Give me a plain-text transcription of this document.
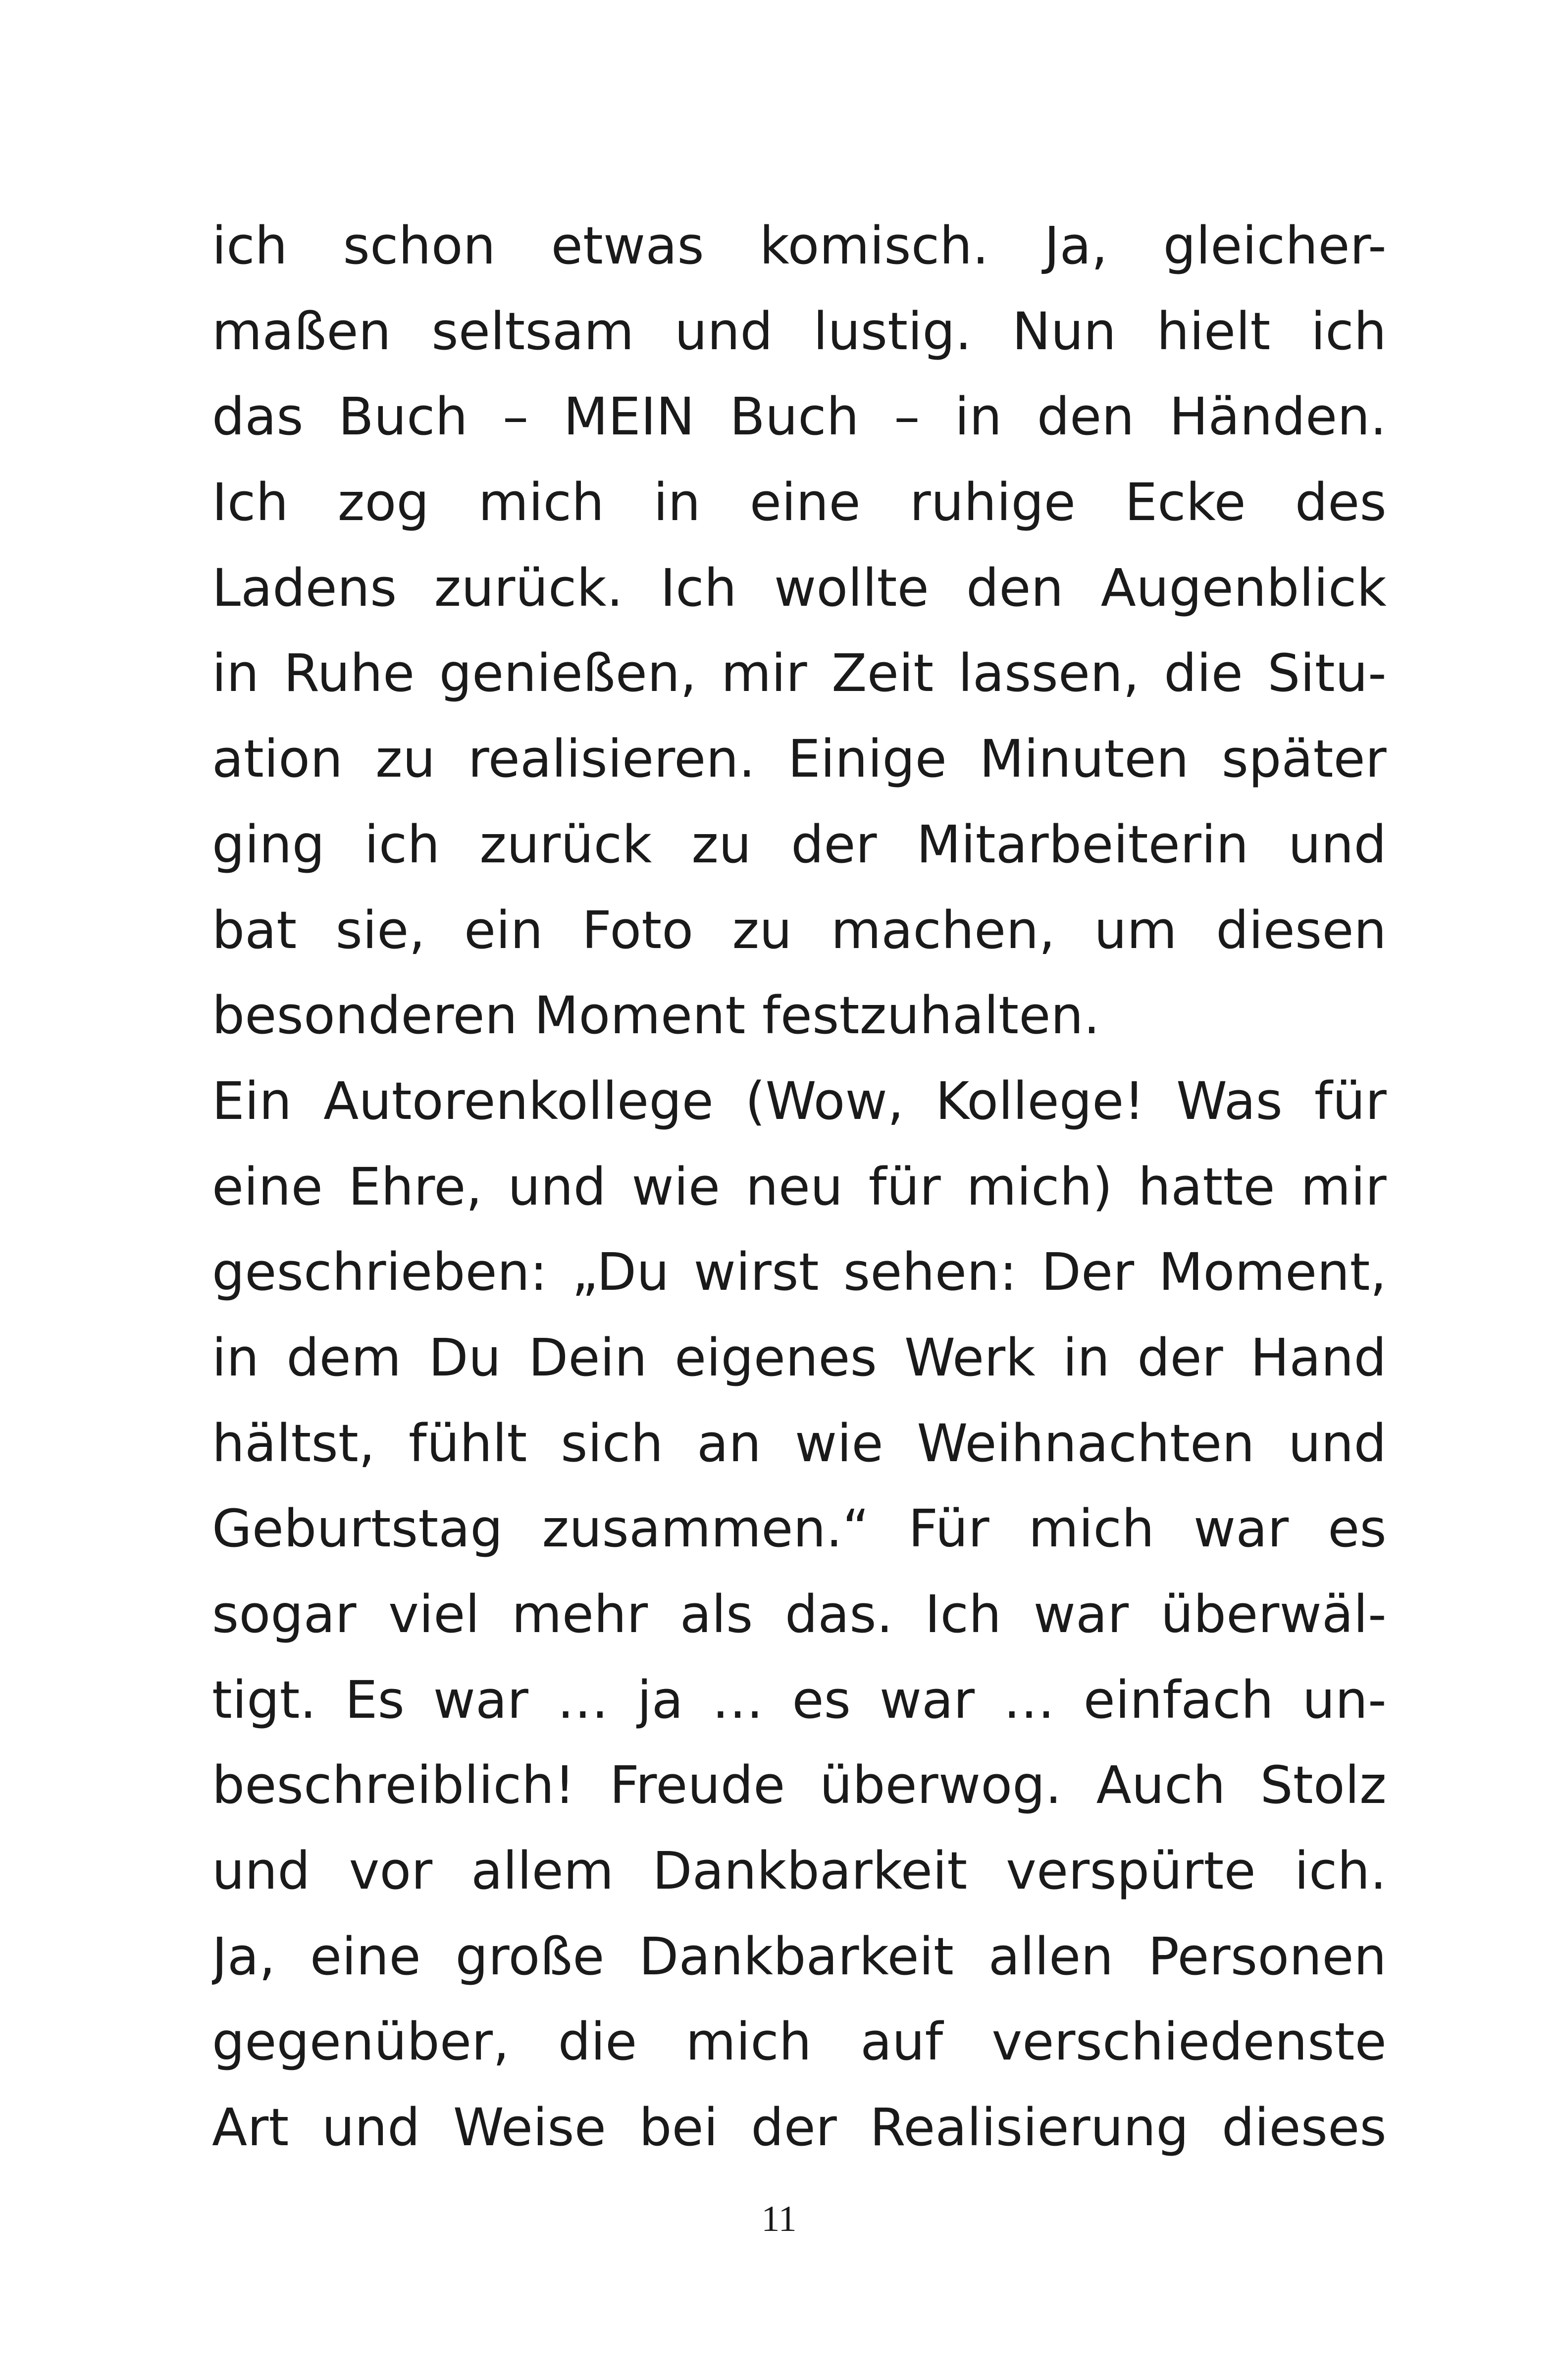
ich schon etwas komisch. Ja, gleicher-
maßen seltsam und lustig. Nun hielt ich
das Buch – MEIN Buch – in den Händen.
Ich zog mich in eine ruhige Ecke des
Ladens zurück. Ich wollte den Augenblick
in Ruhe genießen, mir Zeit lassen, die Situ-
ation zu realisieren. Einige Minuten später
ging ich zurück zu der Mitarbeiterin und
bat sie, ein Foto zu machen, um diesen
besonderen Moment festzuhalten.
Ein Autorenkollege (Wow, Kollege! Was für
eine Ehre, und wie neu für mich) hatte mir
geschrieben: „Du wirst sehen: Der Moment,
in dem Du Dein eigenes Werk in der Hand
hältst, fühlt sich an wie Weihnachten und
Geburtstag zusammen.“ Für mich war es
sogar viel mehr als das. Ich war überwäl-
tigt. Es war … ja … es war … einfach un-
beschreiblich! Freude überwog. Auch Stolz
und vor allem Dankbarkeit verspürte ich.
Ja, eine große Dankbarkeit allen Personen
gegenüber, die mich auf verschiedenste
Art und Weise bei der Realisierung dieses
11
